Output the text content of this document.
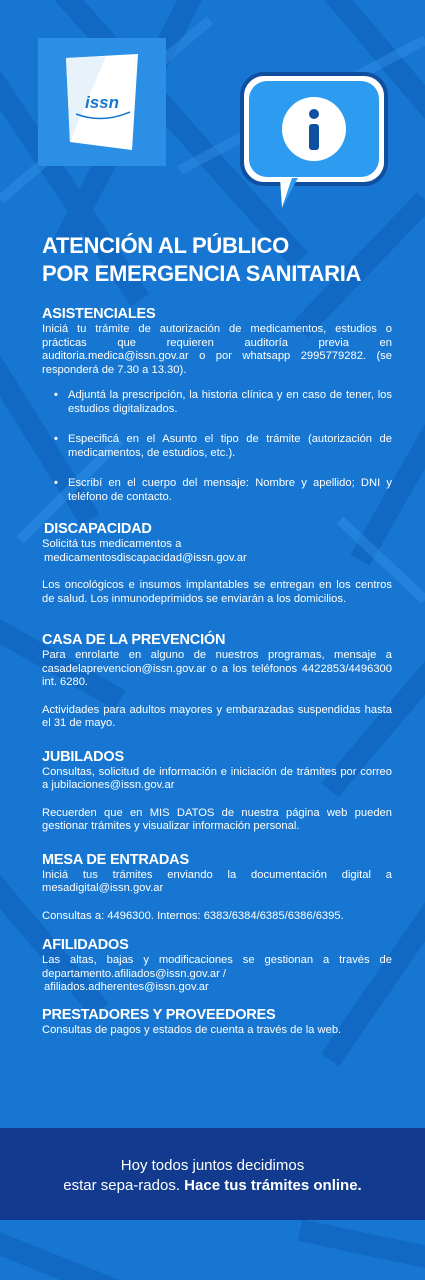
issn
ATENCIÓN AL PÚBLICO
POR EMERGENCIA SANITARIA
ASISTENCIALES

Iniciá tu trámite de autorización de medicamentos, estudios o prácticas que requieren auditoría previa en auditoria.medica@issn.gov.ar o por whatsapp 2995779282. (se responderá de 7.30 a 13.30).

• Adjuntá la prescripción, la historia clínica y en caso de tener, los estudios digitalizados.
• Especificá en el Asunto el tipo de trámite (autorización de medicamentos, de estudios, etc.).
• Escribí en el cuerpo del mensaje: Nombre y apellido; DNI y teléfono de contacto.
DISCAPACIDAD

Solicitá tus medicamentos a

medicamentosdiscapacidad@issn.gov.ar

Los oncológicos e insumos implantables se entregan en los centros de salud. Los inmunodeprimidos se enviarán a los domicilios.

CASA DE LA PREVENCIÓN

Para enrolarte en alguno de nuestros programas, mensaje a casadelaprevencion@issn.gov.ar o a los teléfonos 4422853/4496300 int. 6280.

Actividades para adultos mayores y embarazadas suspendidas hasta el 31 de mayo.

JUBILADOS

Consultas, solicitud de información e iniciación de trámites por correo a jubilaciones@issn.gov.ar

Recuerden que en MIS DATOS de nuestra página web pueden gestionar trámites y visualizar información personal.

MESA DE ENTRADAS

Iniciá tus trámites enviando la documentación digital a mesadigital@issn.gov.ar

Consultas a: 4496300. Internos: 6383/6384/6385/6386/6395.

AFILIDADOS

Las altas, bajas y modificaciones se gestionan a través de departamento.afiliados@issn.gov.ar /

afiliados.adherentes@issn.gov.ar

PRESTADORES Y PROVEEDORES

Consultas de pagos y estados de cuenta a través de la web.

Hoy todos juntos decidimos
estar sepa-rados. Hace tus trámites online.
